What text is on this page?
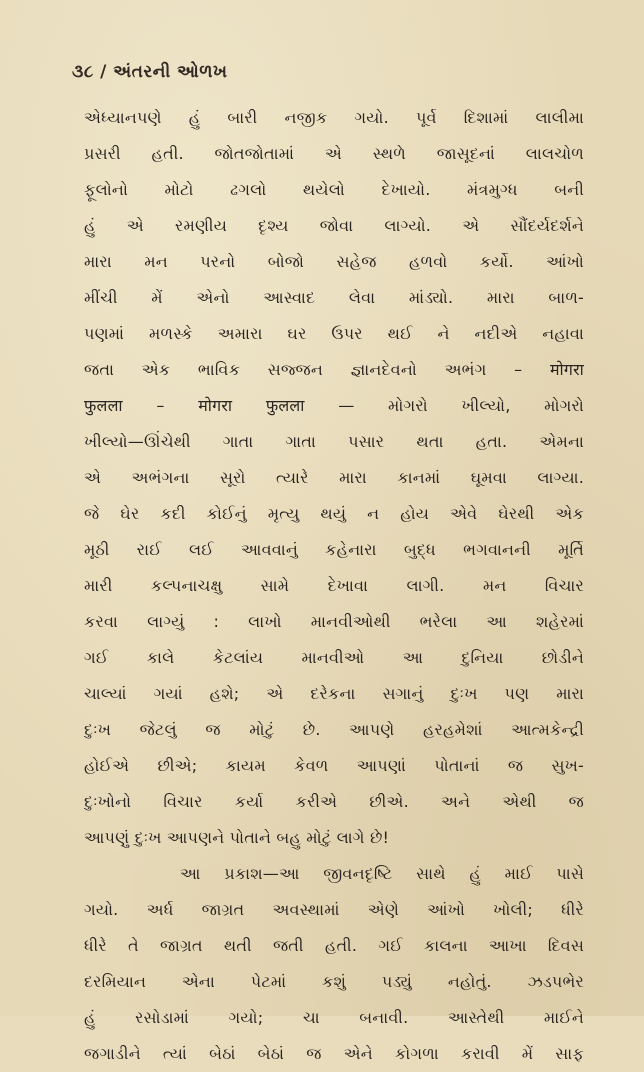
૩૮ / અંતરની ઓળખ
એધ્યાનપણે હું બારી નજીક ગયો. પૂર્વ દિશામાં લાલીમા
પ્રસરી હતી. જોતજોતામાં એ સ્થળે જાસૂદનાં લાલચોળ
ફૂલોનો મોટો ઢગલો થયેલો દેખાયો. મંત્રમુગ્ધ બની
હું એ રમણીય દૃશ્ય જોવા લાગ્યો. એ સૌંદર્યદર્શને
મારા મન પરનો બોજો સહેજ હળવો કર્યો. આંખો
મીંચી મેં એનો આસ્વાદ લેવા માંડ્યો. મારા બાળ-
પણમાં મળસ્કે અમારા ઘર ઉપર થઈ ને નદીએ નહાવા
જતા એક ભાવિક સજ્જન જ્ઞાનદેવનો અભંગ – मोगरा
फुलला – मोगरा फुलला — મોગરો ખીલ્યો, મોગરો
ખીલ્યો—ઊંચેથી ગાતા ગાતા પસાર થતા હતા. એમના
એ અભંગના સૂરો ત્યારે મારા કાનમાં ઘૂમવા લાગ્યા.
જે ઘેર કદી કોઈનું મૃત્યુ થયું ન હોય એવે ઘેરથી એક
મૂઠી રાઈ લઈ આવવાનું કહેનારા બુદ્ધ ભગવાનની મૂર્તિ
મારી કલ્પનાચક્ષુ સામે દેખાવા લાગી. મન વિચાર
કરવા લાગ્યું : લાખો માનવીઓથી ભરેલા આ શહેરમાં
ગઈ કાલે કેટલાંય માનવીઓ આ દુનિયા છોડીને
ચાલ્યાં ગયાં હશે; એ દરેકના સગાનું દુઃખ પણ મારા
દુઃખ જેટલું જ મોટું છે. આપણે હરહમેશાં આત્મકેન્દ્રી
હોઈએ છીએ; કાયમ કેવળ આપણાં પોતાનાં જ સુખ-
દુઃખોનો વિચાર કર્યા કરીએ છીએ. અને એથી જ
આપણું દુઃખ આપણને પોતાને બહુ મોટું લાગે છે!
આ પ્રકાશ—આ જીવનદૃષ્ટિ સાથે હું માઈ પાસે
ગયો. અર્ધ જાગ્રત અવસ્થામાં એણે આંખો ખોલી; ધીરે
ધીરે તે જાગ્રત થતી જતી હતી. ગઈ કાલના આખા દિવસ
દરમિયાન એના પેટમાં કશું પડ્યું નહોતું. ઝડપભેર
હું રસોડામાં ગયો; ચા બનાવી. આસ્તેથી માઈને
જગાડીને ત્યાં બેઠાં બેઠાં જ એને કોગળા કરાવી મેં સાફ
